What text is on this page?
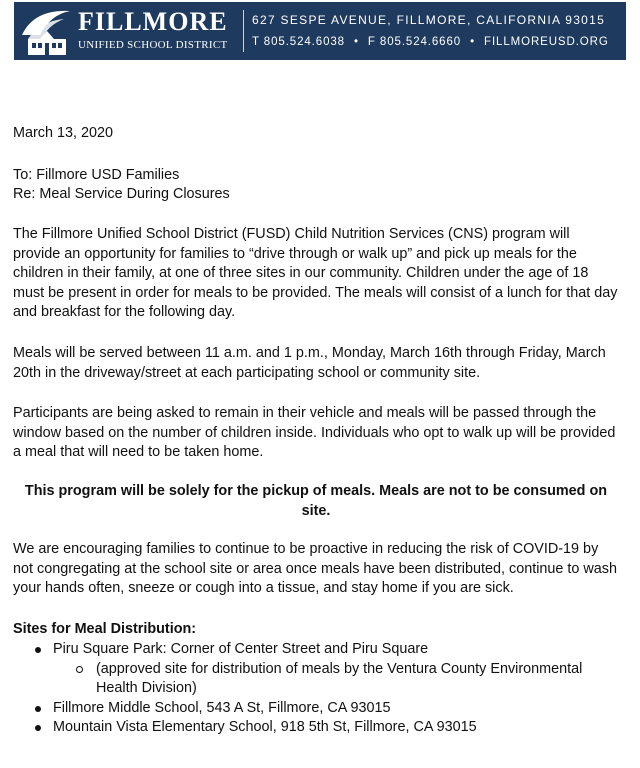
FILLMORE
UNIFIED SCHOOL DISTRICT
627 SESPE AVENUE, FILLMORE, CALIFORNIA 93015
T 805.524.6038 • F 805.524.6660 • FILLMOREUSD.ORG
March 13, 2020
To: Fillmore USD Families
Re: Meal Service During Closures
The Fillmore Unified School District (FUSD) Child Nutrition Services (CNS) program will provide an opportunity for families to “drive through or walk up” and pick up meals for the children in their family, at one of three sites in our community. Children under the age of 18 must be present in order for meals to be provided. The meals will consist of a lunch for that day and breakfast for the following day.
Meals will be served between 11 a.m. and 1 p.m., Monday, March 16th through Friday, March 20th in the driveway/street at each participating school or community site.
Participants are being asked to remain in their vehicle and meals will be passed through the window based on the number of children inside. Individuals who opt to walk up will be provided a meal that will need to be taken home.
This program will be solely for the pickup of meals. Meals are not to be consumed on site.
We are encouraging families to continue to be proactive in reducing the risk of COVID-19 by not congregating at the school site or area once meals have been distributed, continue to wash your hands often, sneeze or cough into a tissue, and stay home if you are sick.
Sites for Meal Distribution:
Piru Square Park: Corner of Center Street and Piru Square
(approved site for distribution of meals by the Ventura County Environmental Health Division)
Fillmore Middle School, 543 A St, Fillmore, CA 93015
Mountain Vista Elementary School, 918 5th St, Fillmore, CA 93015
